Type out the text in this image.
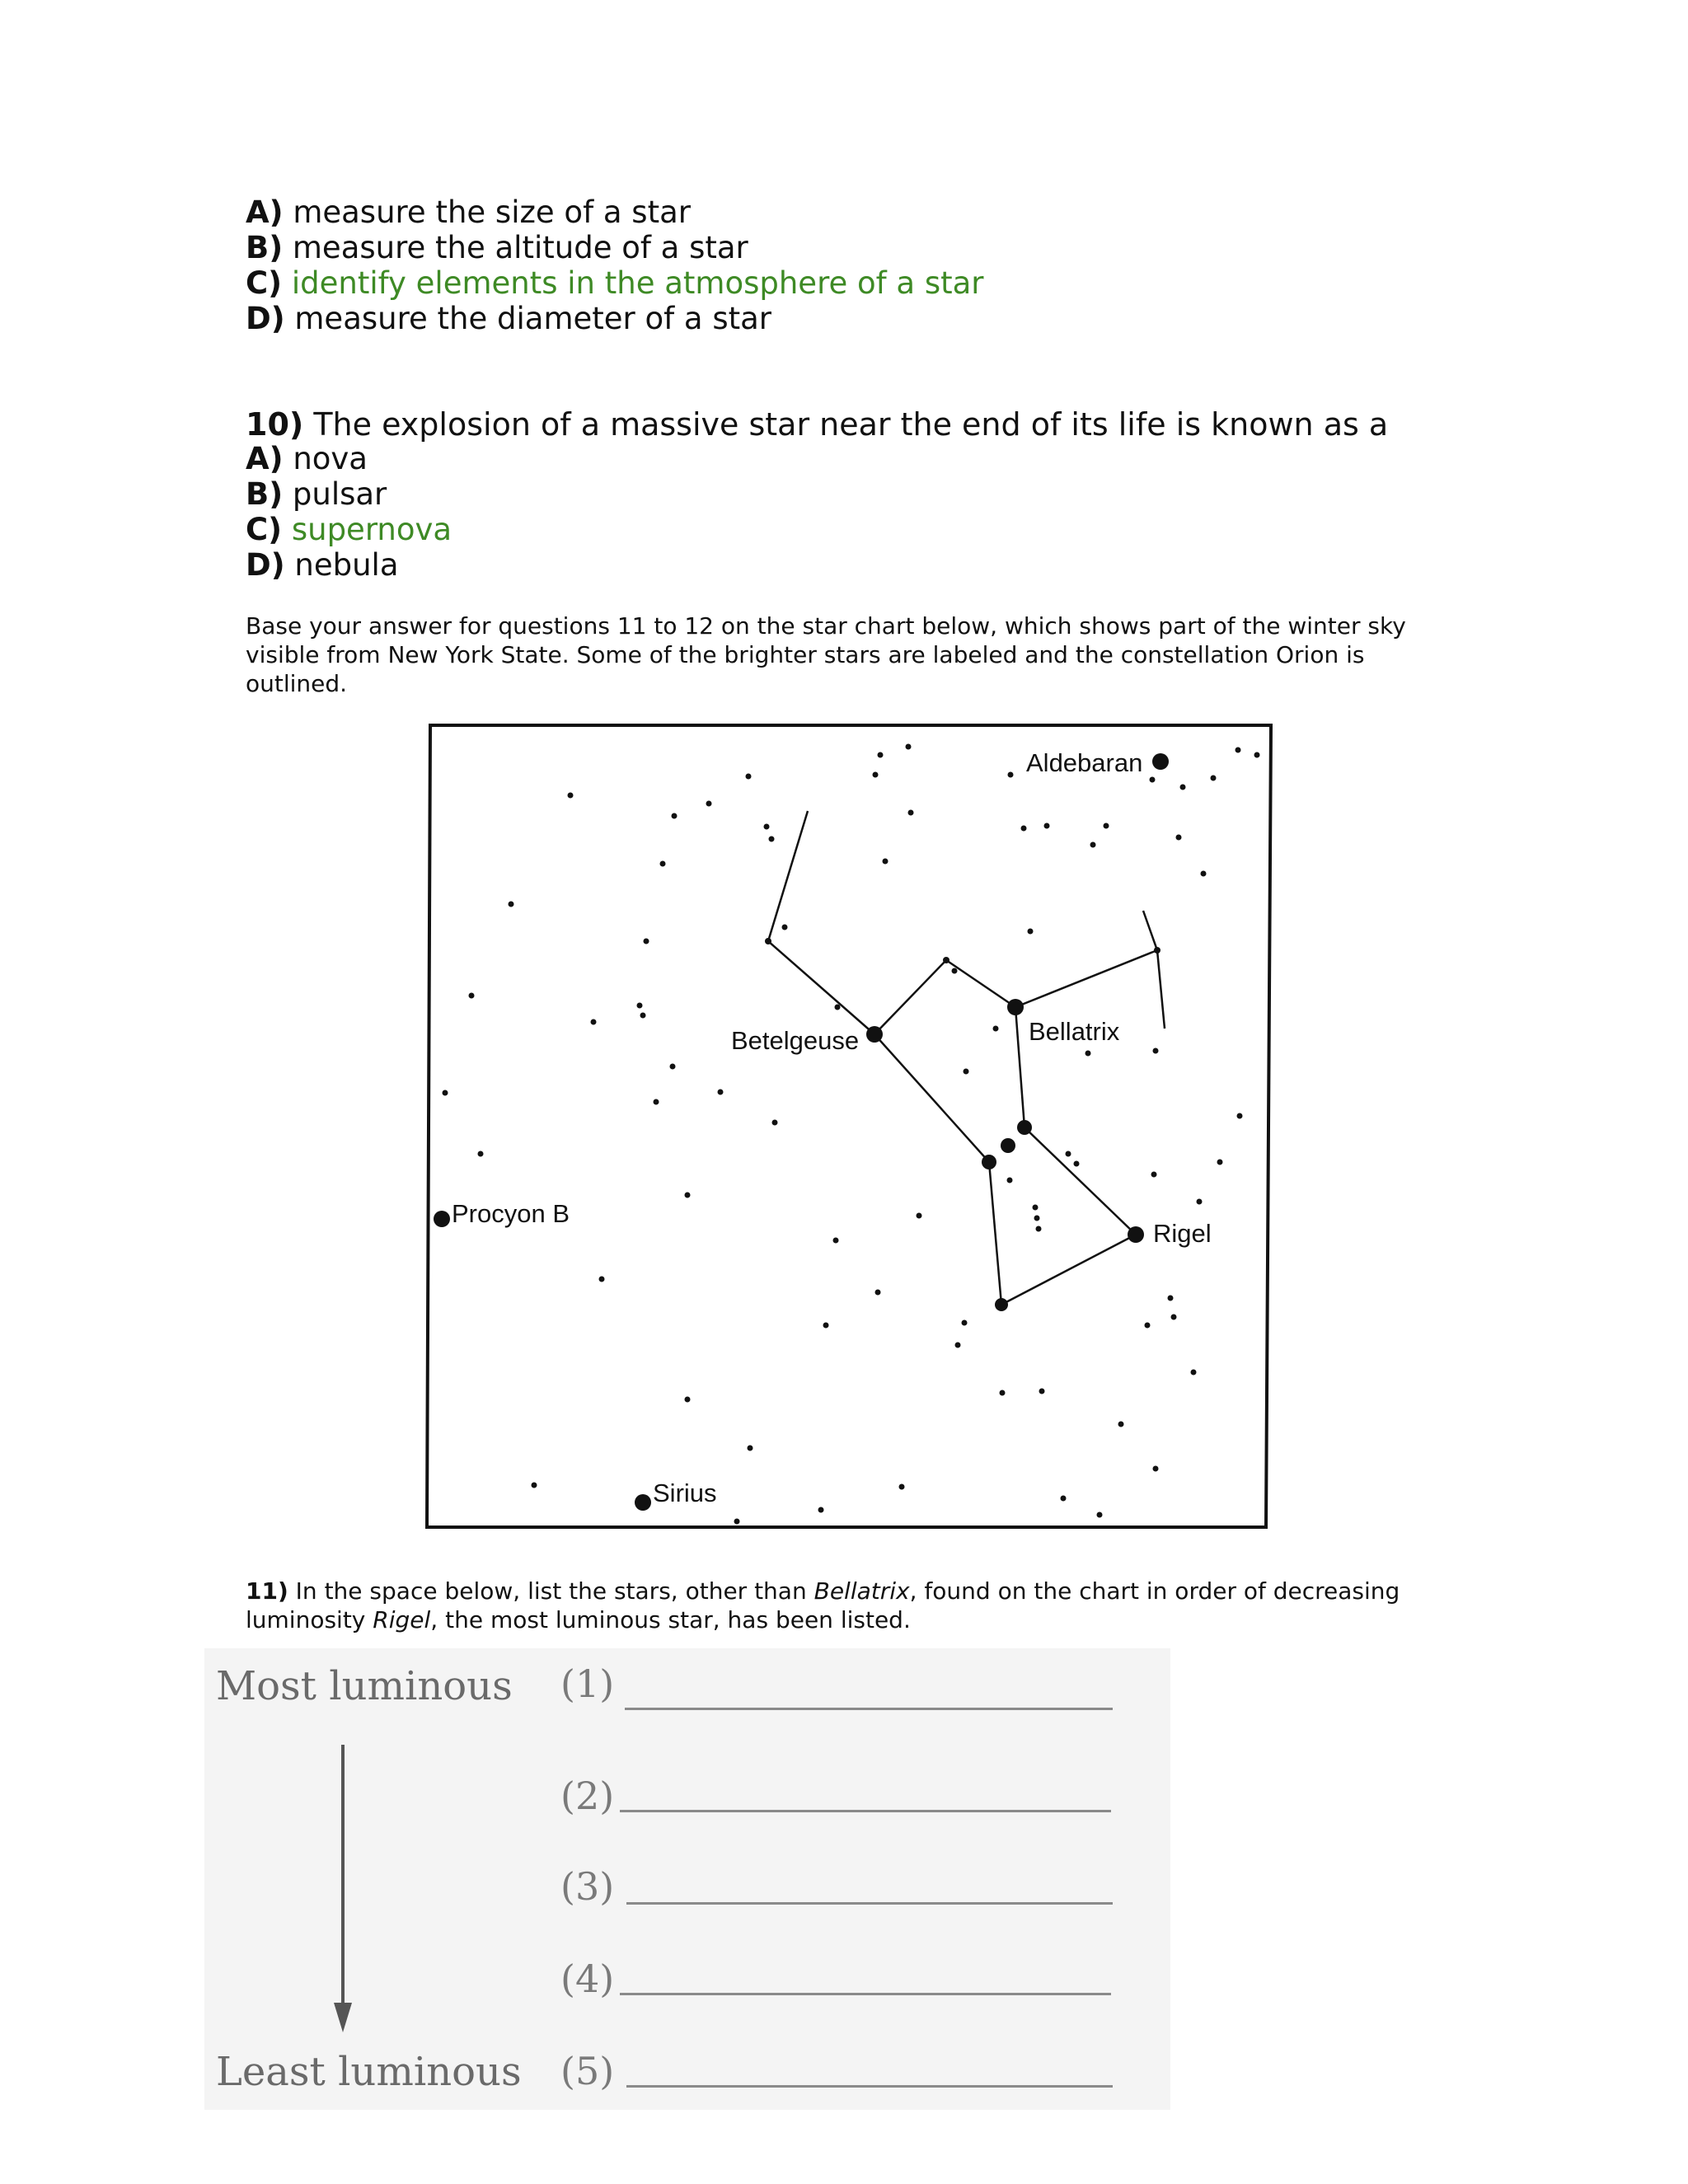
A) measure the size of a star
B) measure the altitude of a star
C) identify elements in the atmosphere of a star
D) measure the diameter of a star
10) The explosion of a massive star near the end of its life is known as a
A) nova
B) pulsar
C) supernova
D) nebula
Base your answer for questions 11 to 12 on the star chart below, which shows part of the winter sky
visible from New York State. Some of the brighter stars are labeled and the constellation Orion is
outlined.
Aldebaran
Betelgeuse	Bellatrix
Procyon B
Rigel
Sirius
11) In the space below, list the stars, other than Bellatrix, found on the chart in order of decreasing
luminosity Rigel, the most luminous star, has been listed.
Most luminous
Least luminous
(1)
(2)
(3)
(4)
(5)
